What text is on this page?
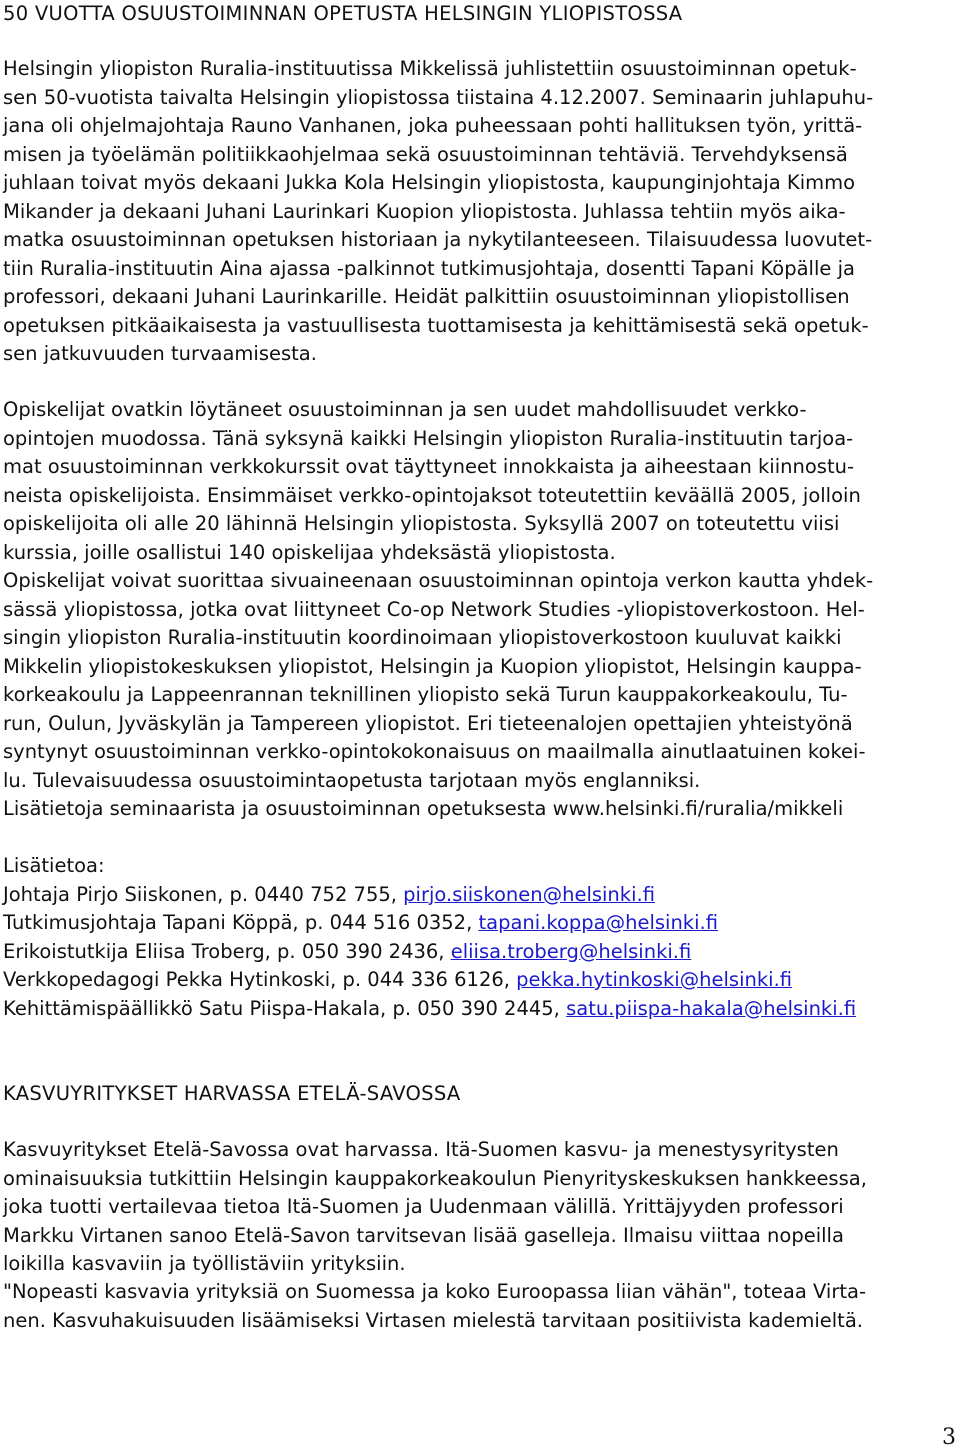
50 VUOTTA OSUUSTOIMINNAN OPETUSTA HELSINGIN YLIOPISTOSSA
Helsingin yliopiston Ruralia-instituutissa Mikkelissä juhlistettiin osuustoiminnan opetuk-
sen 50-vuotista taivalta Helsingin yliopistossa tiistaina 4.12.2007. Seminaarin juhlapuhu-
jana oli ohjelmajohtaja Rauno Vanhanen, joka puheessaan pohti hallituksen työn, yrittä-
misen ja työelämän politiikkaohjelmaa sekä osuustoiminnan tehtäviä. Tervehdyksensä
juhlaan toivat myös dekaani Jukka Kola Helsingin yliopistosta, kaupunginjohtaja Kimmo
Mikander ja dekaani Juhani Laurinkari Kuopion yliopistosta. Juhlassa tehtiin myös aika-
matka osuustoiminnan opetuksen historiaan ja nykytilanteeseen. Tilaisuudessa luovutet-
tiin Ruralia-instituutin Aina ajassa -palkinnot tutkimusjohtaja, dosentti Tapani Köpälle ja
professori, dekaani Juhani Laurinkarille. Heidät palkittiin osuustoiminnan yliopistollisen
opetuksen pitkäaikaisesta ja vastuullisesta tuottamisesta ja kehittämisestä sekä opetuk-
sen jatkuvuuden turvaamisesta.
Opiskelijat ovatkin löytäneet osuustoiminnan ja sen uudet mahdollisuudet verkko-
opintojen muodossa. Tänä syksynä kaikki Helsingin yliopiston Ruralia-instituutin tarjoa-
mat osuustoiminnan verkkokurssit ovat täyttyneet innokkaista ja aiheestaan kiinnostu-
neista opiskelijoista. Ensimmäiset verkko-opintojaksot toteutettiin keväällä 2005, jolloin
opiskelijoita oli alle 20 lähinnä Helsingin yliopistosta. Syksyllä 2007 on toteutettu viisi
kurssia, joille osallistui 140 opiskelijaa yhdeksästä yliopistosta.
Opiskelijat voivat suorittaa sivuaineenaan osuustoiminnan opintoja verkon kautta yhdek-
sässä yliopistossa, jotka ovat liittyneet Co-op Network Studies -yliopistoverkostoon. Hel-
singin yliopiston Ruralia-instituutin koordinoimaan yliopistoverkostoon kuuluvat kaikki
Mikkelin yliopistokeskuksen yliopistot, Helsingin ja Kuopion yliopistot, Helsingin kauppa-
korkeakoulu ja Lappeenrannan teknillinen yliopisto sekä Turun kauppakorkeakoulu, Tu-
run, Oulun, Jyväskylän ja Tampereen yliopistot. Eri tieteenalojen opettajien yhteistyönä
syntynyt osuustoiminnan verkko-opintokokonaisuus on maailmalla ainutlaatuinen kokei-
lu. Tulevaisuudessa osuustoimintaopetusta tarjotaan myös englanniksi.
Lisätietoja seminaarista ja osuustoiminnan opetuksesta www.helsinki.fi/ruralia/mikkeli
Lisätietoa:
Johtaja Pirjo Siiskonen, p. 0440 752 755, pirjo.siiskonen@helsinki.fi
Tutkimusjohtaja Tapani Köppä, p. 044 516 0352, tapani.koppa@helsinki.fi
Erikoistutkija Eliisa Troberg, p. 050 390 2436, eliisa.troberg@helsinki.fi
Verkkopedagogi Pekka Hytinkoski, p. 044 336 6126, pekka.hytinkoski@helsinki.fi
Kehittämispäällikkö Satu Piispa-Hakala, p. 050 390 2445, satu.piispa-hakala@helsinki.fi
KASVUYRITYKSET HARVASSA ETELÄ-SAVOSSA
Kasvuyritykset Etelä-Savossa ovat harvassa. Itä-Suomen kasvu- ja menestysyritysten
ominaisuuksia tutkittiin Helsingin kauppakorkeakoulun Pienyrityskeskuksen hankkeessa,
joka tuotti vertailevaa tietoa Itä-Suomen ja Uudenmaan välillä. Yrittäjyyden professori
Markku Virtanen sanoo Etelä-Savon tarvitsevan lisää gaselleja. Ilmaisu viittaa nopeilla
loikilla kasvaviin ja työllistäviin yrityksiin.
"Nopeasti kasvavia yrityksiä on Suomessa ja koko Euroopassa liian vähän", toteaa Virta-
nen. Kasvuhakuisuuden lisäämiseksi Virtasen mielestä tarvitaan positiivista kademieltä.
3
